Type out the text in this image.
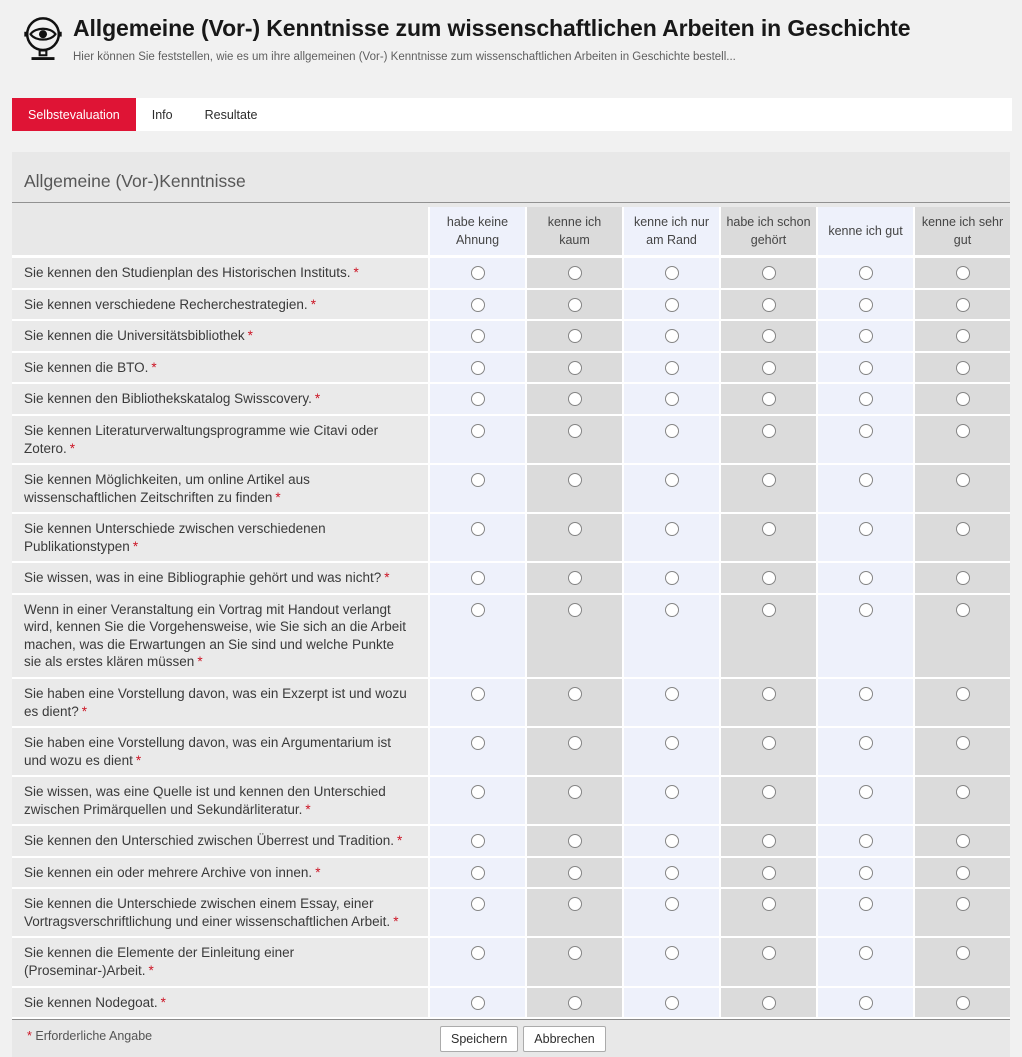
Allgemeine (Vor-) Kenntnisse zum wissenschaftlichen Arbeiten in Geschichte
Hier können Sie feststellen, wie es um ihre allgemeinen (Vor-) Kenntnisse zum wissenschaftlichen Arbeiten in Geschichte bestell...
Selbstevaluation	Info	Resultate
Allgemeine (Vor-)Kenntnisse
	habe keine Ahnung	kenne ich kaum	kenne ich nur am Rand	habe ich schon gehört	kenne ich gut	kenne ich sehr gut
Sie kennen den Studienplan des Historischen Instituts. *						
Sie kennen verschiedene Recherchestrategien. *						
Sie kennen die Universitätsbibliothek *						
Sie kennen die BTO. *						
Sie kennen den Bibliothekskatalog Swisscovery. *						
Sie kennen Literaturverwaltungsprogramme wie Citavi oder Zotero. *						
Sie kennen Möglichkeiten, um online Artikel aus wissenschaftlichen Zeitschriften zu finden *						
Sie kennen Unterschiede zwischen verschiedenen Publikationstypen *						
Sie wissen, was in eine Bibliographie gehört und was nicht? *						
Wenn in einer Veranstaltung ein Vortrag mit Handout verlangt wird, kennen Sie die Vorgehensweise, wie Sie sich an die Arbeit machen, was die Erwartungen an Sie sind und welche Punkte sie als erstes klären müssen *						
Sie haben eine Vorstellung davon, was ein Exzerpt ist und wozu es dient? *						
Sie haben eine Vorstellung davon, was ein Argumentarium ist und wozu es dient *						
Sie wissen, was eine Quelle ist und kennen den Unterschied zwischen Primärquellen und Sekundärliteratur. *						
Sie kennen den Unterschied zwischen Überrest und Tradition. *						
Sie kennen ein oder mehrere Archive von innen. *						
Sie kennen die Unterschiede zwischen einem Essay, einer Vortragsverschriftlichung und einer wissenschaftlichen Arbeit. *						
Sie kennen die Elemente der Einleitung einer (Proseminar-)Arbeit. *						
Sie kennen Nodegoat. *						
* Erforderliche Angabe	Speichern	Abbrechen
